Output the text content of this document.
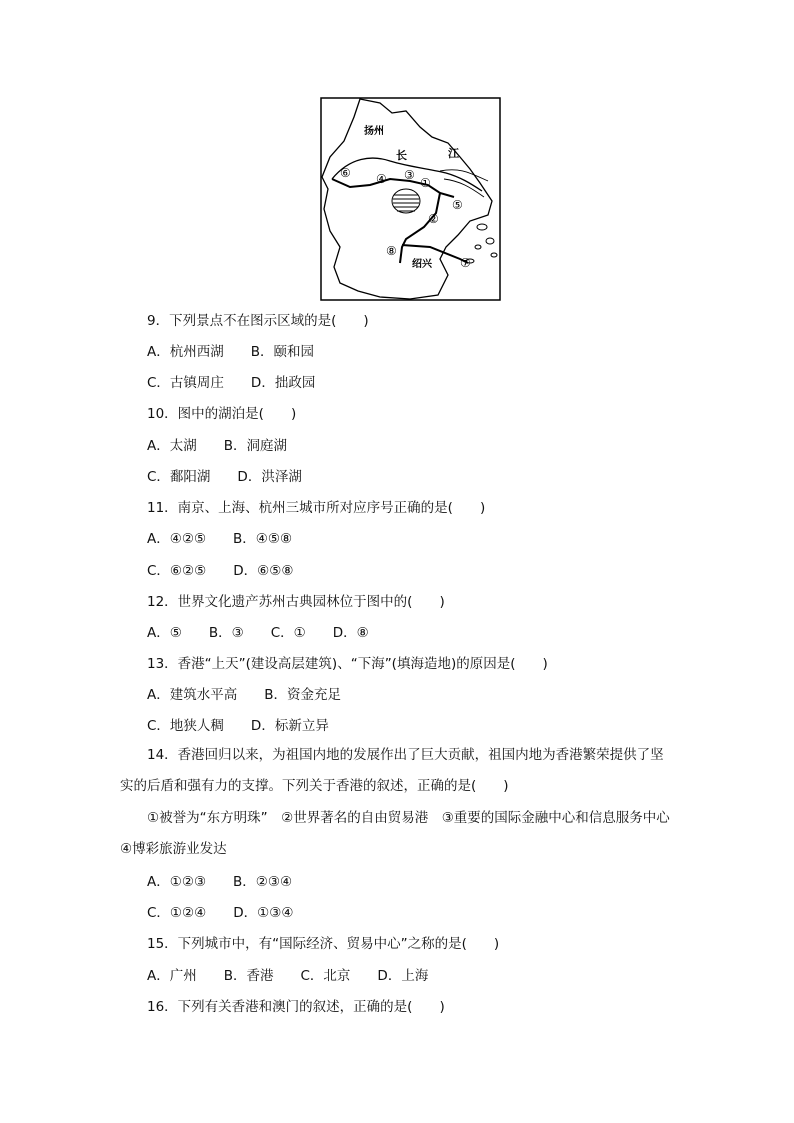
扬州
长	江
绍兴
⑥ ④ ③
①
②
⑤
⑧
⑦
9．下列景点不在图示区域的是(　　)
A．杭州西湖　　B．颐和园
C．古镇周庄　　D．拙政园
10．图中的湖泊是(　　)
A．太湖　　B．洞庭湖
C．鄱阳湖　　D．洪泽湖
11．南京、上海、杭州三城市所对应序号正确的是(　　)
A．④②⑤　　B．④⑤⑧
C．⑥②⑤　　D．⑥⑤⑧
12．世界文化遗产苏州古典园林位于图中的(　　)
A．⑤　　B．③　　C．①　　D．⑧
13．香港“上天”(建设高层建筑)、“下海”(填海造地)的原因是(　　)
A．建筑水平高　　B．资金充足
C．地狭人稠　　D．标新立异
14．香港回归以来，为祖国内地的发展作出了巨大贡献，祖国内地为香港繁荣提供了坚实的后盾和强有力的支撑。下列关于香港的叙述，正确的是(　　)
①被誉为“东方明珠”　②世界著名的自由贸易港　③重要的国际金融中心和信息服务中心　④博彩旅游业发达
A．①②③　　B．②③④
C．①②④　　D．①③④
15．下列城市中，有“国际经济、贸易中心”之称的是(　　)
A．广州　　B．香港　　C．北京　　D．上海
16．下列有关香港和澳门的叙述，正确的是(　　)
